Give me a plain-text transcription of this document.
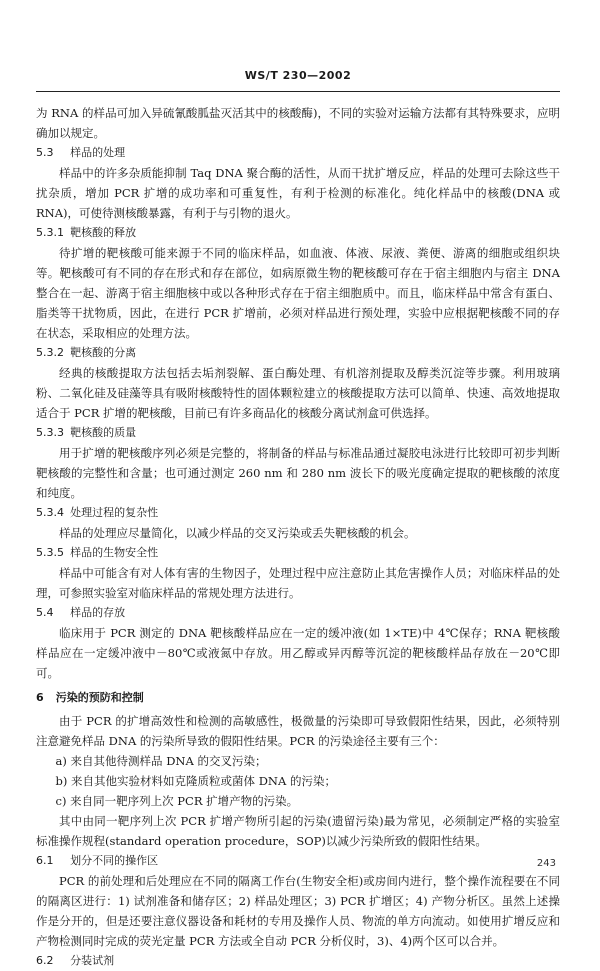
WS/T 230—2002

为 RNA 的样品可加入异硫氰酸胍盐灭活其中的核酸酶)，不同的实验对运输方法都有其特殊要求，应明确加以规定。

5.3 样品的处理

样品中的许多杂质能抑制 Taq DNA 聚合酶的活性，从而干扰扩增反应，样品的处理可去除这些干扰杂质，增加 PCR 扩增的成功率和可重复性，有利于检测的标准化。纯化样品中的核酸(DNA 或 RNA)，可使待测核酸暴露，有利于与引物的退火。

5.3.1 靶核酸的释放

待扩增的靶核酸可能来源于不同的临床样品，如血液、体液、尿液、粪便、游离的细胞或组织块等。靶核酸可有不同的存在形式和存在部位，如病原微生物的靶核酸可存在于宿主细胞内与宿主 DNA 整合在一起、游离于宿主细胞核中或以各种形式存在于宿主细胞质中。而且，临床样品中常含有蛋白、脂类等干扰物质，因此，在进行 PCR 扩增前，必须对样品进行预处理，实验中应根据靶核酸不同的存在状态，采取相应的处理方法。

5.3.2 靶核酸的分离

经典的核酸提取方法包括去垢剂裂解、蛋白酶处理、有机溶剂提取及醇类沉淀等步骤。利用玻璃粉、二氧化硅及硅藻等具有吸附核酸特性的固体颗粒建立的核酸提取方法可以简单、快速、高效地提取适合于 PCR 扩增的靶核酸，目前已有许多商品化的核酸分离试剂盒可供选择。

5.3.3 靶核酸的质量

用于扩增的靶核酸序列必须是完整的，将制备的样品与标准品通过凝胶电泳进行比较即可初步判断靶核酸的完整性和含量；也可通过测定 260 nm 和 280 nm 波长下的吸光度确定提取的靶核酸的浓度和纯度。

5.3.4 处理过程的复杂性

样品的处理应尽量简化，以减少样品的交叉污染或丢失靶核酸的机会。

5.3.5 样品的生物安全性

样品中可能含有对人体有害的生物因子，处理过程中应注意防止其危害操作人员；对临床样品的处理，可参照实验室对临床样品的常规处理方法进行。

5.4 样品的存放

临床用于 PCR 测定的 DNA 靶核酸样品应在一定的缓冲液(如 1×TE)中 4℃保存；RNA 靶核酸样品应在一定缓冲液中－80℃或液氮中存放。用乙醇或异丙醇等沉淀的靶核酸样品存放在－20℃即可。

6 污染的预防和控制

由于 PCR 的扩增高效性和检测的高敏感性，极微量的污染即可导致假阳性结果，因此，必须特别注意避免样品 DNA 的污染所导致的假阳性结果。PCR 的污染途径主要有三个：

a) 来自其他待测样品 DNA 的交叉污染；

b) 来自其他实验材料如克隆质粒或菌体 DNA 的污染；

c) 来自同一靶序列上次 PCR 扩增产物的污染。

其中由同一靶序列上次 PCR 扩增产物所引起的污染(遗留污染)最为常见，必须制定严格的实验室标准操作规程(standard operation procedure，SOP)以减少污染所致的假阳性结果。

6.1 划分不同的操作区

PCR 的前处理和后处理应在不同的隔离工作台(生物安全柜)或房间内进行，整个操作流程要在不同的隔离区进行：1) 试剂准备和储存区；2) 样品处理区；3) PCR 扩增区；4) 产物分析区。虽然上述操作是分开的，但是还要注意仪器设备和耗材的专用及操作人员、物流的单方向流动。如使用扩增反应和产物检测同时完成的荧光定量 PCR 方法或全自动 PCR 分析仪时，3)、4)两个区可以合并。

6.2 分装试剂
243
